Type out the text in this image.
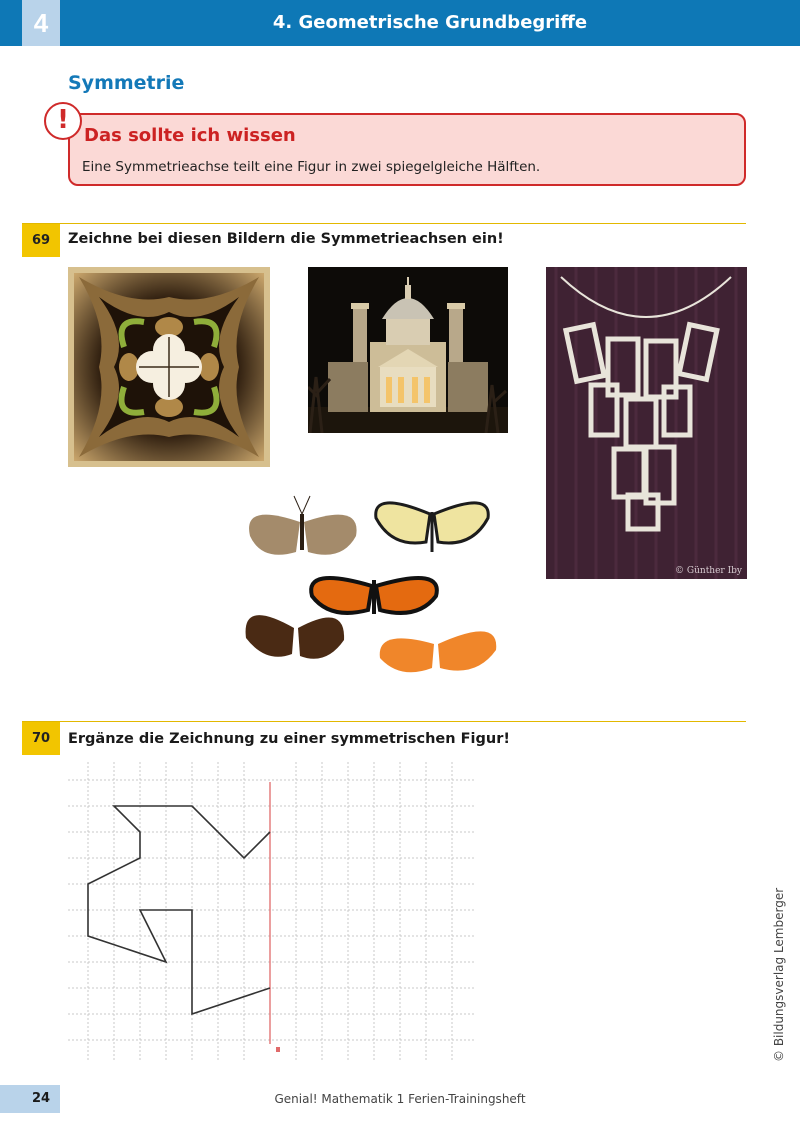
4	4. Geometrische Grundbegriffe
Symmetrie
!
Das sollte ich wissen
Eine Symmetrieachse teilt eine Figur in zwei spiegelgleiche Hälften.
69	Zeichne bei diesen Bildern die Symmetrieachsen ein!
© Günther Iby
70	Ergänze die Zeichnung zu einer symmetrischen Figur!
24	Genial! Mathematik 1 Ferien-Trainingsheft
© Bildungsverlag Lemberger
